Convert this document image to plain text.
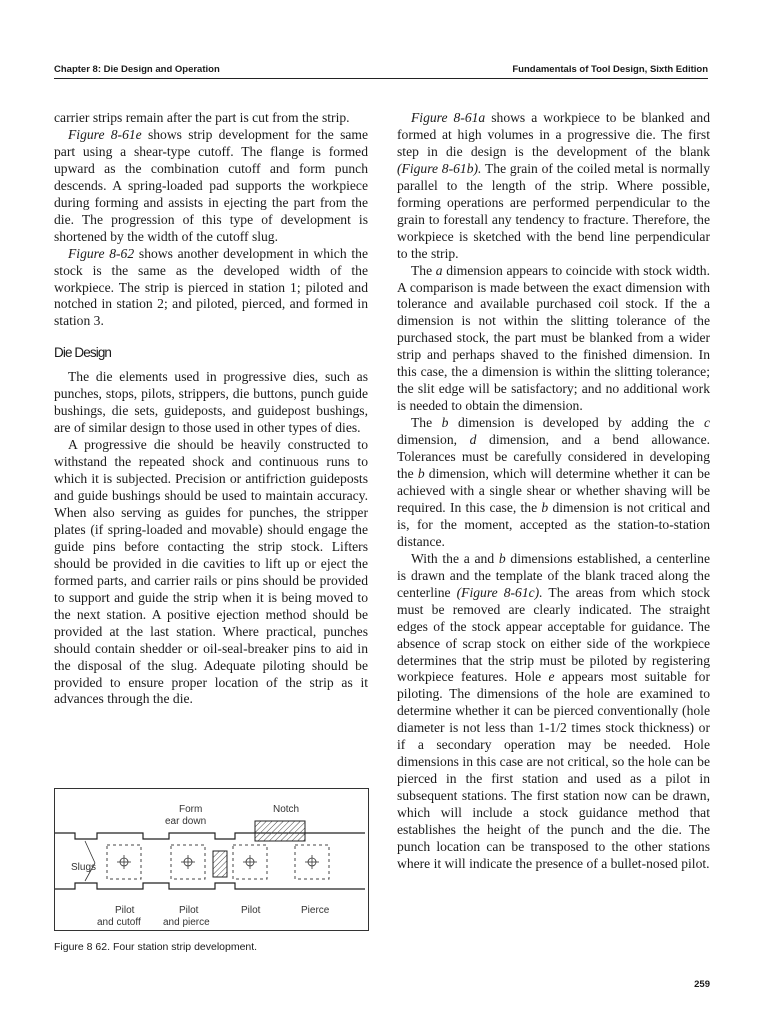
Chapter 8: Die Design and Operation	Fundamentals of Tool Design, Sixth Edition

carrier strips remain after the part is cut from the strip.

Figure 8-61e shows strip development for the same part using a shear-type cutoff. The flange is formed upward as the combination cutoff and form punch descends. A spring-loaded pad supports the workpiece during forming and assists in ejecting the part from the die. The progression of this type of development is shortened by the width of the cutoff slug.

Figure 8-62 shows another development in which the stock is the same as the developed width of the workpiece. The strip is pierced in station 1; piloted and notched in station 2; and piloted, pierced, and formed in station 3.

Die Design

The die elements used in progressive dies, such as punches, stops, pilots, strippers, die buttons, punch guide bushings, die sets, guideposts, and guidepost bushings, are of similar design to those used in other types of dies.

A progressive die should be heavily constructed to withstand the repeated shock and continuous runs to which it is subjected. Precision or antifriction guideposts and guide bushings should be used to maintain accuracy. When also serving as guides for punches, the stripper plates (if spring-loaded and movable) should engage the guide pins before contacting the strip stock. Lifters should be provided in die cavities to lift up or eject the formed parts, and carrier rails or pins should be provided to support and guide the strip when it is being moved to the next station. A positive ejection method should be provided at the last station. Where practical, punches should contain shedder or oil-seal-breaker pins to aid in the disposal of the slug. Adequate piloting should be provided to ensure proper location of the strip as it advances through the die.

Form
ear down
Notch
Slugs
Pilot
and cutoff
Pilot
and pierce
Pilot	Pierce
Figure 8 62. Four station strip development.

Figure 8-61a shows a workpiece to be blanked and formed at high volumes in a progressive die. The first step in die design is the development of the blank (Figure 8-61b). The grain of the coiled metal is normally parallel to the length of the strip. Where possible, forming operations are performed perpendicular to the grain to forestall any tendency to fracture. Therefore, the workpiece is sketched with the bend line perpendicular to the strip.

The a dimension appears to coincide with stock width. A comparison is made between the exact dimension with tolerance and available purchased coil stock. If the a dimension is not within the slitting tolerance of the purchased stock, the part must be blanked from a wider strip and perhaps shaved to the finished dimension. In this case, the a dimension is within the slitting tolerance; the slit edge will be satisfactory; and no additional work is needed to obtain the dimension.

The b dimension is developed by adding the c dimension, d dimension, and a bend allowance. Tolerances must be carefully considered in developing the b dimension, which will determine whether it can be achieved with a single shear or whether shaving will be required. In this case, the b dimension is not critical and is, for the moment, accepted as the station-to-station distance.

With the a and b dimensions established, a centerline is drawn and the template of the blank traced along the centerline (Figure 8-61c). The areas from which stock must be removed are clearly indicated. The straight edges of the stock appear acceptable for guidance. The absence of scrap stock on either side of the workpiece determines that the strip must be piloted by registering workpiece features. Hole e appears most suitable for piloting. The dimensions of the hole are examined to determine whether it can be pierced conventionally (hole diameter is not less than 1-1/2 times stock thickness) or if a secondary operation may be needed. Hole dimensions in this case are not critical, so the hole can be pierced in the first station and used as a pilot in subsequent stations. The first station now can be drawn, which will include a stock guidance method that establishes the height of the punch and the die. The punch location can be transposed to the other stations where it will indicate the presence of a bullet-nosed pilot.

259
